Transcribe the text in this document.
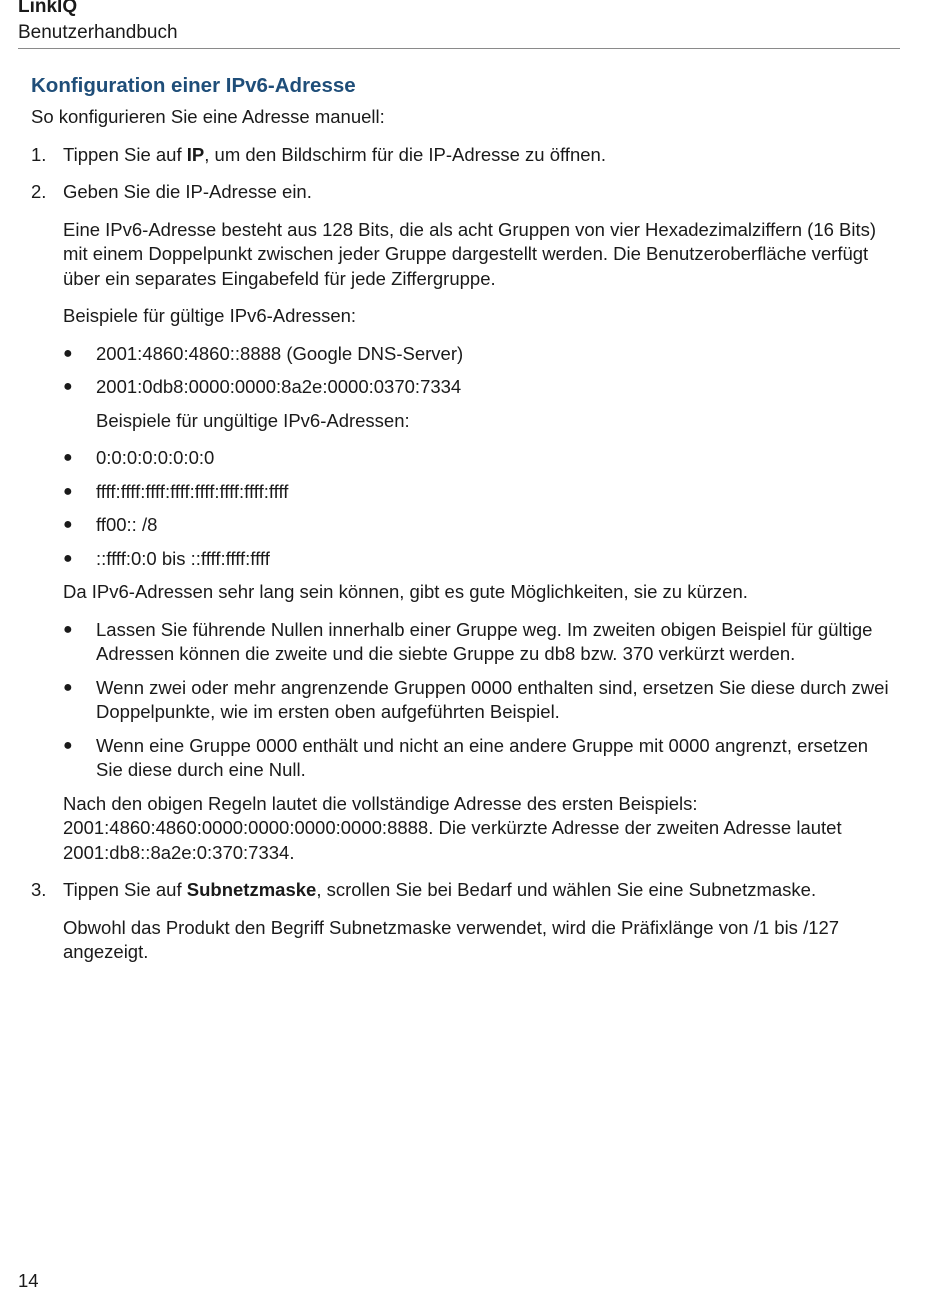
LinkIQ
Benutzerhandbuch
Konfiguration einer IPv6-Adresse

So konfigurieren Sie eine Adresse manuell:

1. Tippen Sie auf IP, um den Bildschirm für die IP-Adresse zu öffnen.

2. Geben Sie die IP-Adresse ein.

Eine IPv6-Adresse besteht aus 128 Bits, die als acht Gruppen von vier Hexadezimalziffern (16 Bits) mit einem Doppelpunkt zwischen jeder Gruppe dargestellt werden. Die Benutzeroberfläche verfügt über ein separates Eingabefeld für jede Ziffergruppe.

Beispiele für gültige IPv6-Adressen:

● 2001:4860:4860::8888 (Google DNS-Server)
● 2001:0db8:0000:0000:8a2e:0000:0370:7334

Beispiele für ungültige IPv6-Adressen:

● 0:0:0:0:0:0:0:0
● ffff:ffff:ffff:ffff:ffff:ffff:ffff:ffff
● ff00:: /8
● ::ffff:0:0 bis ::ffff:ffff:ffff

Da IPv6-Adressen sehr lang sein können, gibt es gute Möglichkeiten, sie zu kürzen.

● Lassen Sie führende Nullen innerhalb einer Gruppe weg. Im zweiten obigen Beispiel für gültige Adressen können die zweite und die siebte Gruppe zu db8 bzw. 370 verkürzt werden.
● Wenn zwei oder mehr angrenzende Gruppen 0000 enthalten sind, ersetzen Sie diese durch zwei Doppelpunkte, wie im ersten oben aufgeführten Beispiel.
● Wenn eine Gruppe 0000 enthält und nicht an eine andere Gruppe mit 0000 angrenzt, ersetzen Sie diese durch eine Null.

Nach den obigen Regeln lautet die vollständige Adresse des ersten Beispiels: 2001:4860:4860:0000:0000:0000:0000:8888. Die verkürzte Adresse der zweiten Adresse lautet 2001:db8::8a2e:0:370:7334.

3. Tippen Sie auf Subnetzmaske, scrollen Sie bei Bedarf und wählen Sie eine Subnetzmaske.

Obwohl das Produkt den Begriff Subnetzmaske verwendet, wird die Präfixlänge von /1 bis /127 angezeigt.

14
